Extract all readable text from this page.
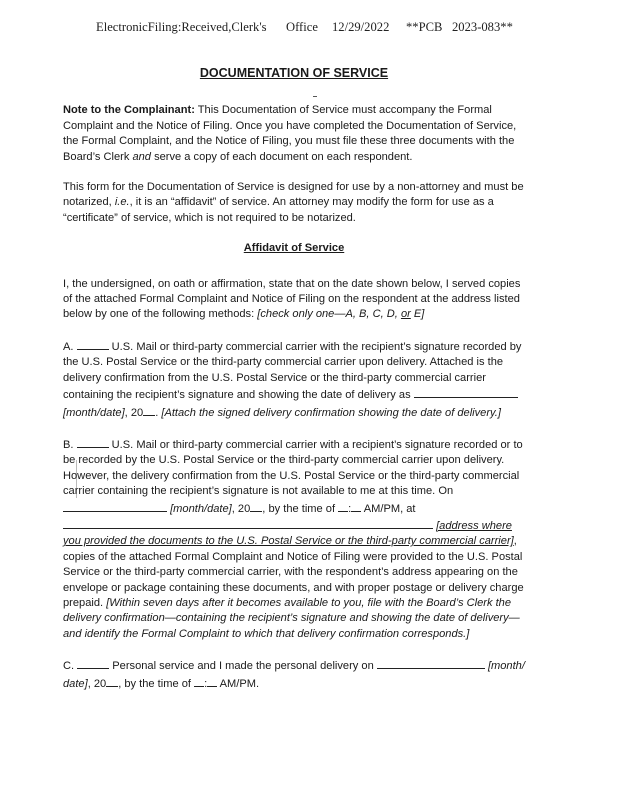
ElectronicFiling:Received,Clerk's Office 12/29/2022 **PCB 2023-083**
DOCUMENTATION OF SERVICE

Note to the Complainant: This Documentation of Service must accompany the Formal Complaint and the Notice of Filing. Once you have completed the Documentation of Service, the Formal Complaint, and the Notice of Filing, you must file these three documents with the Board’s Clerk and serve a copy of each document on each respondent.

This form for the Documentation of Service is designed for use by a non-attorney and must be notarized, i.e., it is an “affidavit” of service. An attorney may modify the form for use as a “certificate” of service, which is not required to be notarized.

Affidavit of Service

I, the undersigned, on oath or affirmation, state that on the date shown below, I served copies of the attached Formal Complaint and Notice of Filing on the respondent at the address listed below by one of the following methods: [check only one—A, B, C, D, or E]

A.	U.S. Mail or third-party commercial carrier with the recipient’s signature recorded by the U.S. Postal Service or the third-party commercial carrier upon delivery. Attached is the delivery confirmation from the U.S. Postal Service or the third-party commercial carrier containing the recipient’s signature and showing the date of delivery as  [month/date], 20 . [Attach the signed delivery confirmation showing the date of delivery.]

B.	U.S. Mail or third-party commercial carrier with a recipient’s signature recorded or to be recorded by the U.S. Postal Service or the third-party commercial carrier upon delivery. However, the delivery confirmation from the U.S. Postal Service or the third-party commercial carrier containing the recipient’s signature is not available to me at this time. On  [month/date], 20 , by the time of : AM/PM, at  [address where you provided the documents to the U.S. Postal Service or the third-party commercial carrier], copies of the attached Formal Complaint and Notice of Filing were provided to the U.S. Postal Service or the third-party commercial carrier, with the respondent’s address appearing on the envelope or package containing these documents, and with proper postage or delivery charge prepaid. [Within seven days after it becomes available to you, file with the Board’s Clerk the delivery confirmation—containing the recipient’s signature and showing the date of delivery—and identify the Formal Complaint to which that delivery confirmation corresponds.]

C.	Personal service and I made the personal delivery on	[month/ date], 20 , by the time of : AM/PM.
